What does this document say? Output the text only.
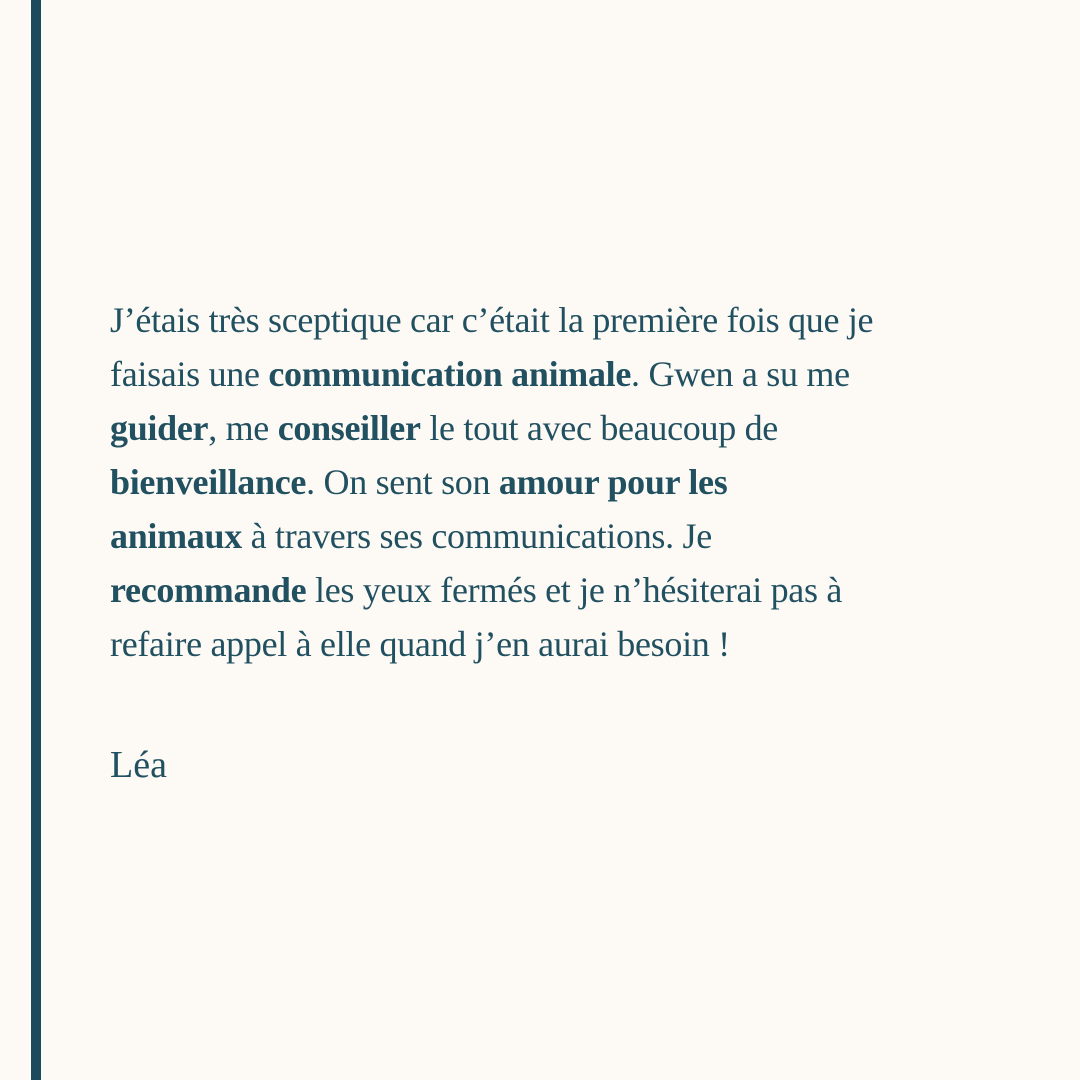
J’étais très sceptique car c’était la première fois que je
faisais une communication animale. Gwen a su me
guider, me conseiller le tout avec beaucoup de
bienveillance. On sent son amour pour les
animaux à travers ses communications. Je
recommande les yeux fermés et je n’hésiterai pas à
refaire appel à elle quand j’en aurai besoin !
Léa
